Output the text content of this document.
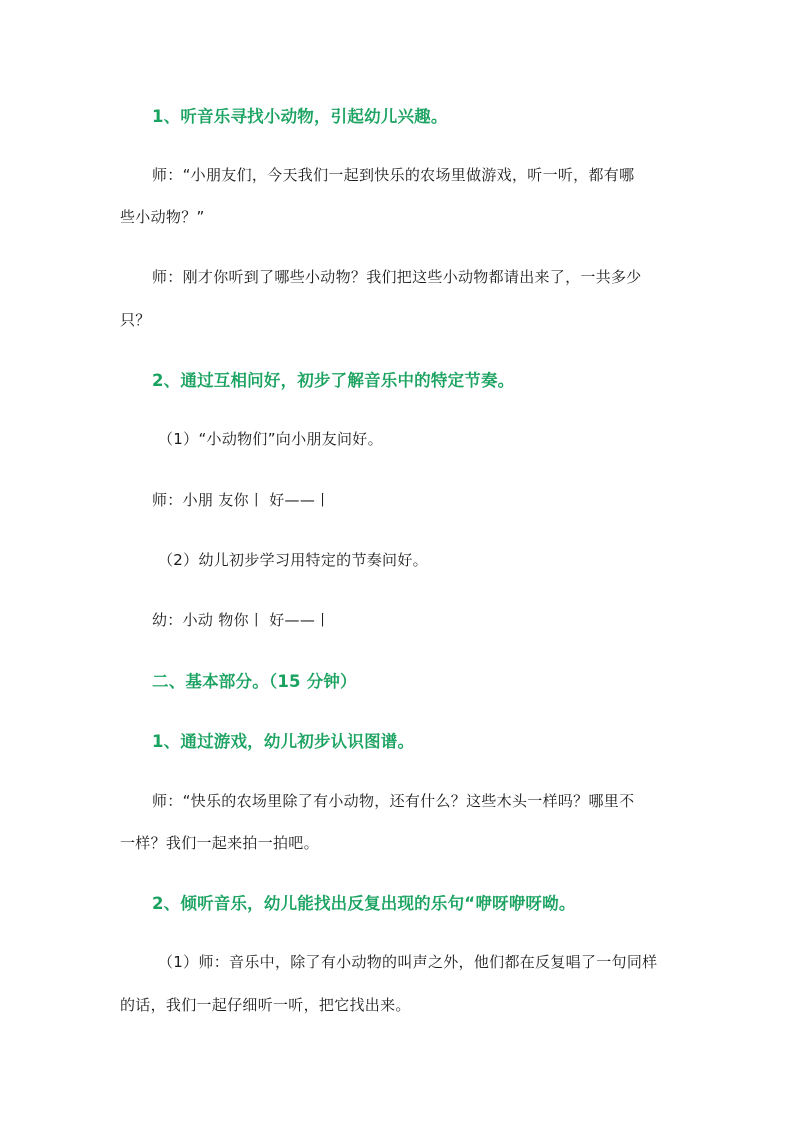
1、听音乐寻找小动物，引起幼儿兴趣。
师：“小朋友们，今天我们一起到快乐的农场里做游戏，听一听，都有哪
些小动物？”
师：刚才你听到了哪些小动物？我们把这些小动物都请出来了，一共多少
只？
2、通过互相问好，初步了解音乐中的特定节奏。
（1）“小动物们”向小朋友问好。
师：小朋 友你丨 好——丨
（2）幼儿初步学习用特定的节奏问好。
幼：小动 物你丨 好——丨
二、基本部分。（15 分钟）
1、通过游戏，幼儿初步认识图谱。
师：“快乐的农场里除了有小动物，还有什么？这些木头一样吗？哪里不
一样？我们一起来拍一拍吧。
2、倾听音乐，幼儿能找出反复出现的乐句“咿呀咿呀呦。
（1）师：音乐中，除了有小动物的叫声之外，他们都在反复唱了一句同样
的话，我们一起仔细听一听，把它找出来。
